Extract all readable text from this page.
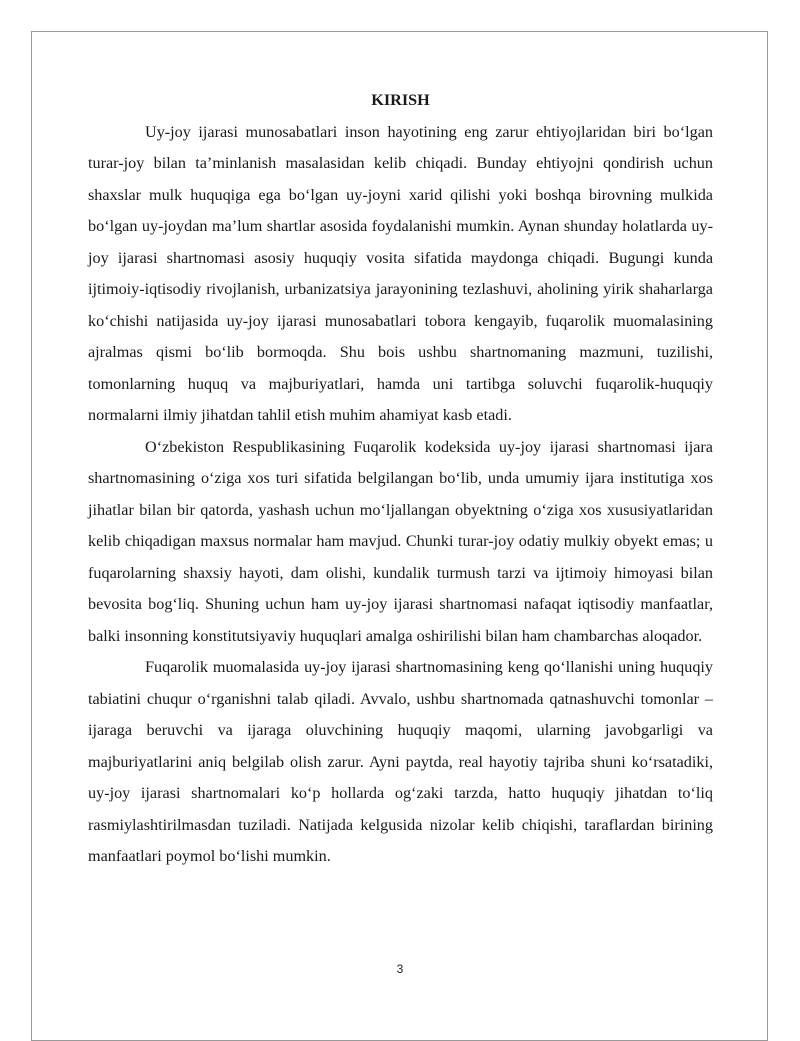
KIRISH

Uy-joy ijarasi munosabatlari inson hayotining eng zarur ehtiyojlaridan biri bo‘lgan turar-joy bilan ta’minlanish masalasidan kelib chiqadi. Bunday ehtiyojni qondirish uchun shaxslar mulk huquqiga ega bo‘lgan uy-joyni xarid qilishi yoki boshqa birovning mulkida bo‘lgan uy-joydan ma’lum shartlar asosida foydalanishi mumkin. Aynan shunday holatlarda uy-joy ijarasi shartnomasi asosiy huquqiy vosita sifatida maydonga chiqadi. Bugungi kunda ijtimoiy-iqtisodiy rivojlanish, urbanizatsiya jarayonining tezlashuvi, aholining yirik shaharlarga ko‘chishi natijasida uy-joy ijarasi munosabatlari tobora kengayib, fuqarolik muomalasining ajralmas qismi bo‘lib bormoqda. Shu bois ushbu shartnomaning mazmuni, tuzilishi, tomonlarning huquq va majburiyatlari, hamda uni tartibga soluvchi fuqarolik-huquqiy normalarni ilmiy jihatdan tahlil etish muhim ahamiyat kasb etadi.

O‘zbekiston Respublikasining Fuqarolik kodeksida uy-joy ijarasi shartnomasi ijara shartnomasining o‘ziga xos turi sifatida belgilangan bo‘lib, unda umumiy ijara institutiga xos jihatlar bilan bir qatorda, yashash uchun mo‘ljallangan obyektning o‘ziga xos xususiyatlaridan kelib chiqadigan maxsus normalar ham mavjud. Chunki turar-joy odatiy mulkiy obyekt emas; u fuqarolarning shaxsiy hayoti, dam olishi, kundalik turmush tarzi va ijtimoiy himoyasi bilan bevosita bog‘liq. Shuning uchun ham uy-joy ijarasi shartnomasi nafaqat iqtisodiy manfaatlar, balki insonning konstitutsiyaviy huquqlari amalga oshirilishi bilan ham chambarchas aloqador.

Fuqarolik muomalasida uy-joy ijarasi shartnomasining keng qo‘llanishi uning huquqiy tabiatini chuqur o‘rganishni talab qiladi. Avvalo, ushbu shartnomada qatnashuvchi tomonlar – ijaraga beruvchi va ijaraga oluvchining huquqiy maqomi, ularning javobgarligi va majburiyatlarini aniq belgilab olish zarur. Ayni paytda, real hayotiy tajriba shuni ko‘rsatadiki, uy-joy ijarasi shartnomalari ko‘p hollarda og‘zaki tarzda, hatto huquqiy jihatdan to‘liq rasmiylashtirilmasdan tuziladi. Natijada kelgusida nizolar kelib chiqishi, taraflardan birining manfaatlari poymol bo‘lishi mumkin.

3
